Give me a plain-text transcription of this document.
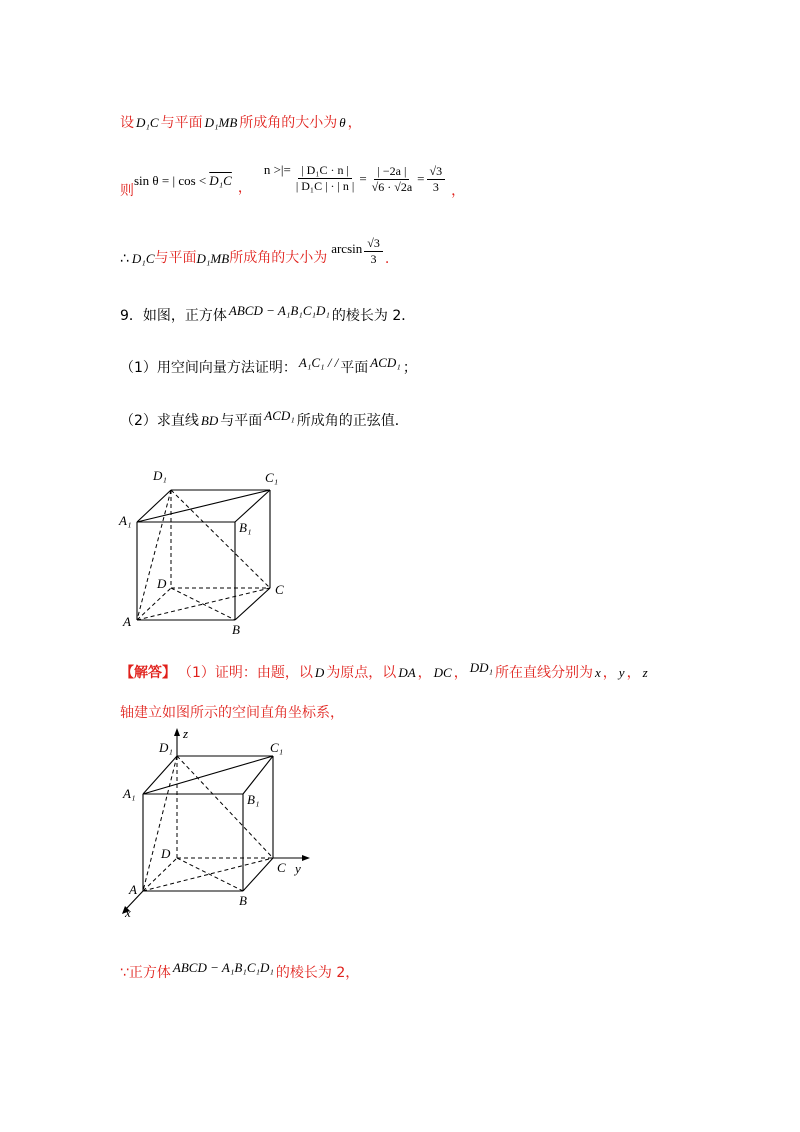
设 D₁C 与平面 D₁MB 所成角的大小为 θ ，
则
sin θ = | cos < D₁C ，
n >|= $\frac{\text{| D₁C · n |}}{\text{| D₁C | · | n |}} = \frac{| -2a |}{√6 \cdot √2a} = \frac{√3}{3}$ ，
∴ D₁C 与平面 D₁MB 所成角的大小为
$\arcsin \frac{√3}{3}$ .
9．如图，正方体 ABCD − A₁B₁C₁D₁ 的棱长为 2．
（1）用空间向量方法证明： A₁C₁ / / 平面 ACD₁ ；
（2）求直线 BD 与平面 ACD₁ 所成角的正弦值．
D₁	C₁
A₁	B₁
D	C
A
B
【解答】 （1）证明：由题，以 D 为原点，以 DA ， DC ， DD₁ 所在直线分别为 x ， y ， z
轴建立如图所示的空间直角坐标系，
z
D₁	C₁
A₁	B₁
D
C y
A
B
x
∵正方体 ABCD − A₁B₁C₁D₁ 的棱长为 2，
